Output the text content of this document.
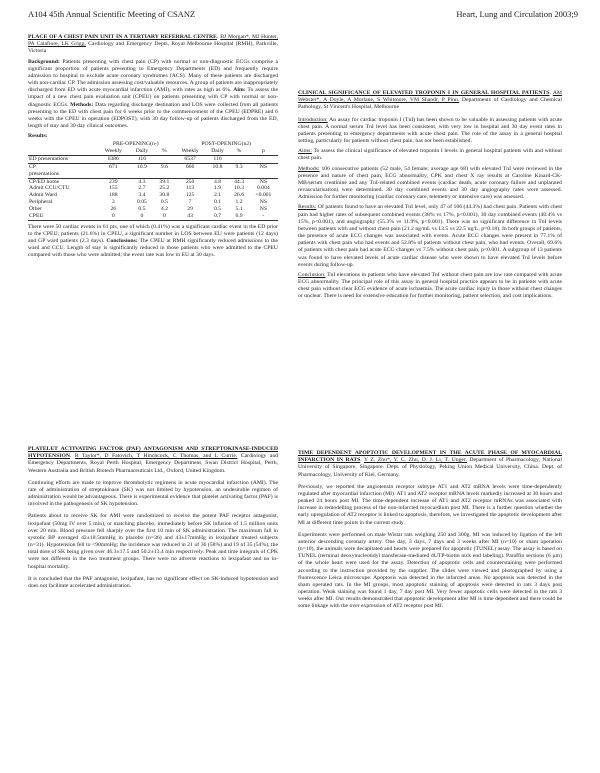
A104 45th Annual Scientific Meeting of CSANZ	Heart, Lung and Circulation 2003;9

PLACE OF A CHEST PAIN UNIT IN A TERTIARY REFERRAL CENTRE. BJ Morgan*, MJ Hunter, PA Calafiore, LK Grigg, Cardiology and Emergency Depts, Royal Melbourne Hospital (RMH), Parkville, Victoria

Background: Patients presenting with chest pain (CP) with normal or non-diagnostic ECGs comprise a significant proportion of patients presenting to Emergency Departments (ED) and frequently require admission to hospital to exclude acute coronary syndromes (ACS). Many of these patients are discharged with non-cardiac CP. The admission assessing cost/valuable resources. A group of patients are inappropriately discharged from ED with acute myocardial infarction (AMI), with rates as high as 6%. Aim: To assess the impact of a new chest pain evaluation unit (CPEU) on patients presenting with CP with normal or non-diagnostic ECGs. Methods: Data regarding discharge destination and LOS were collected from all patients presenting to the ED with chest pain for 6 weeks prior to the commencement of the CPEU (EDPRE) and 6 weeks with the CPEU in operation (EDPOST), with 30 day follow-up of patients discharged from the ED, length of stay and 30 day clinical outcomes.

Results:
	PRE-OPENING(n-)			POST-OPENING(n2)			
	Weekly	Daily	%	Weekly	Daily	%	p
ED presentations	6386	116		6537	116		
CP	671	10.9	9.6	666	10.8	9.3	NS
presentations							
CP/ED home	239	4.3	39.1	250	4.8	44.3	NS
Admit CCU/CTU	155	2.7	25.2	113	1.9	10.3	0.004
Admit Ward	188	3.4	30.8	125	2.1	26.6	<0.001
Peripheral	3	0.05	0.5	7	0.1	1.2	NS
Other	26	0.5	4.2	29	0.5	5.1	NS
CPEU	0	0	0	43	0.7	6.9	-

There were 50 cardiac events in 61 pts, one of which (0.41%) was a significant cardiac event in the ED prior to the CPEU; patients (21.6%) in CPEU, a significant number in LOS between EU were patients (12 days) and GP ward patients (2.3 days). Conclusions: The CPEU at RMH significantly reduced admissions to the ward and CCU. Length of stay is significantly reduced in those patients who were admitted to the CPEU compared with those who were admitted; the event rate was low in EU at 30 days.

CLINICAL SIGNIFICANCE OF ELEVATED TROPONIN I IN GENERAL HOSPITAL PATIENTS. AM Webster*, A Doyle, A Morlane, S Whitmore, VM Shandr, P Pinn. Departments of Cardiology and Chemical Pathology, St Vincent's Hospital, Melbourne

Introduction: An assay for cardiac troponin I (TnI) has been shown to be valuable in assessing patients with acute chest pain. A normal serum TnI level has been consistent, with very low in hospital and 30 day event rates in patients presenting to emergency departments with acute chest pain. The role of the assay in a general hospital setting, particularly for patients without chest pain, has not been established.

Aims: To assess the clinical significance of elevated troponin I levels in general hospital patients with and without chest pain.

Methods: 106 consecutive patients (52 male, 54 female; average age 68) with elevated TnI were reviewed in the presence and nature of chest pain, ECG abnormality, CPK and chest X ray results at Caroline Kinard-CK-MB/serum creatinine and any TnI-related combined events (cardiac death, acute coronary failure and unplanned revascularisation) were determined. 30 day combined events and 30 day angiography rates were assessed. Admission for further monitoring (cardiac coronary care, telemetry or intensive care) was assessed.

Results: Of patients found to have an elevated TnI level, only 47 of 106 (44.3%) had chest pain. Patients with chest pain had higher rates of subsequent combined events (38% vs 17%, p<0.001), 30 day combined events (40.4% vs 15%, p<0.001), and angiography (55.3% vs 11.9%, p<0.001). There was no significant difference in TnI levels between patients with and without chest pain (21.2 ng/mL vs 13.5 vs 22.5 ng/L, p=0.18). In both groups of patients, the presence of acute ECG changes was associated with events. Acute ECG changes were present in 77.1% of patients with chest pain who had events and 52.8% of patients without chest pain, who had events. Overall, 69.6% of patients with chest pain had acute ECG changes vs 7.5% without chest pain, p<0.001. A subgroup of 13 patients was found to have elevated levels of acute cardiac disease who were shown to have elevated TnI levels before events during follow-up.

Conclusion: TnI elevations in patients who have elevated TnI without chest pain are low rate compared with acute ECG abnormality. The principal role of this assay in general hospital practice appears to be in patients with acute chest pain without clear ECG evidence of acute ischaemia. The acute cardiac injury in those without chest changes or unclear. There is need for extensive education for further monitoring, patient selection, and cost implications.

PLATELET ACTIVATING FACTOR (PAF) ANTAGONISM AND STREPTOKINASE-INDUCED HYPOTENSION. R Taylor*, D Fatovich, T Hinchcock, C Thomas, and L Currie. Cardiology and Emergency Departments, Royal Perth Hospital, Emergency Department, Swan District Hospital, Perth, Western Australia and British Biotech Pharmaceuticals Ltd., Oxford, United Kingdom.

Continuing efforts are made to improve thrombolytic regimens in acute myocardial infarction (AMI). The rate of administration of streptokinase (SK) was not limited by hypotension, an undesirable regimen of administration would be advantageous. There is experimental evidence that platelet activating factor (PAF) is involved in the pathogenesis of SK hypotension.

Patients about to receive SK for AMI were randomized to receive the potent PAF receptor antagonist, lexipafant (50mg IV over 5 min), or matching placebo, immediately before SK infusion of 1.5 million units over 20 min. Blood pressure fell sharply over the first 10 min of SK administration. The maximum fall in systolic BP averaged 42±18.5mmHg in placebo (n=36) and 43±17mmHg in lexipafant treated subjects (n=31). Hypotension fell to <90mmHg; the incidence was reduced in 21 of 36 (58%) and 19 of 35 (54%), the total dose of SK being given over 46.3±17.5 and 50.2±13.4 min respectively. Peak and time integrals of CPK were not different in the two treatment groups. There were no adverse reactions to lexipafant and no in-hospital mortality.

It is concluded that the PAF antagonist, lexipafant, has no significant effect on SK-induced hypotension and does not facilitate accelerated administration.

TIME DEPENDENT APOPTOTIC DEVELOPMENT IN THE ACUTE PHASE OF MYOCARDIAL INFARCTION IN RATS. Y Z. Zhu*, Y. C. Zhu, D. J. Li, T. Unger. Department of Pharmacology, National University of Singapore, Singapore. Dept. of Physiology, Peking Union Medical University, China. Dept. of Pharmacology, University of Kiel, Germany.

Previously, we reported the angiotensin receptor subtype AT1 and AT2 mRNA levels were time-dependently regulated after myocardial infarction (MI). AT1 and AT2 receptor mRNA levels markedly increased at 30 hours and peaked 24 hours post MI. The time-dependent increase of AT1 and AT2 receptor mRNAs was associated with increase in remodelling process of the non-infarcted myocardium post MI. There is a further question whether the early upregulation of AT2 receptor is linked to apoptosis, therefore, we investigated the apoptotic development after MI at different time points in the current study.

Experiments were performed on male Wistar rats weighing 250 and 300g. MI was induced by ligation of the left anterior descending coronary artery. One day, 3 days, 7 days and 3 weeks after MI (n=10) or sham operation (n=10), the animals were decapitated and hearts were prepared for apoptotic (TUNEL) assay. The assay is based on TUNEL (terminal deoxynucleotidyl transferase-mediated dUTP-biotin nick end labeling). Paraffin sections (6 µm) of the whole heart were used for the assay. Detection of apoptotic cells and counterstaining were performed according to the instruction provided by the supplier. The slides were viewed and photographed by using a fluorescence Leica microscope. Apoptosis was detected in the infarcted areas. No apoptosis was detected in the sham operated rats. In the MI groups, most apoptotic staining of apoptosis were detected in rats 3 days post operation. Weak staining was found 1 day, 7 day post MI. Very fewer apoptotic cells were detected in the rats 3 weeks after MI. Our results demonstrated that apoptotic development after MI is time dependent and there could be some linkage with the over expression of AT2 receptor post MI.
